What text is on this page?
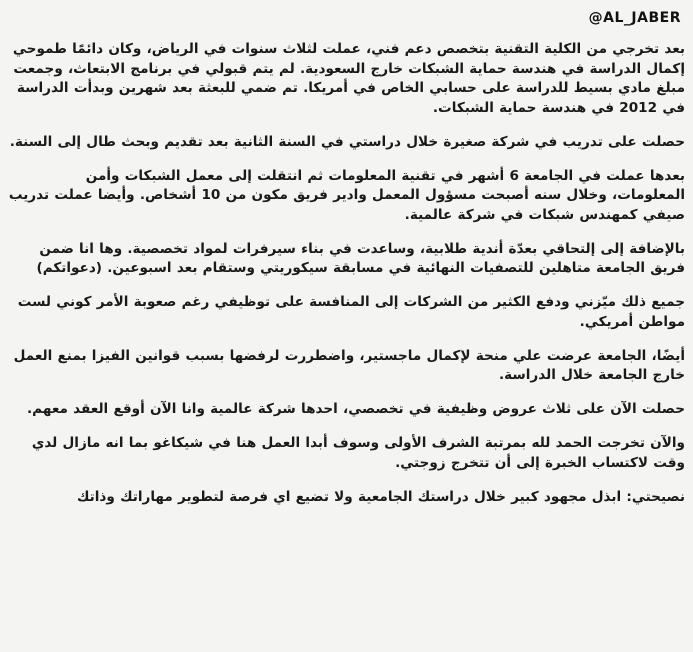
@AL_JABER

بعد تخرجي من الكلية التقنية بتخصص دعم فني، عملت لثلاث سنوات في الرياض، وكان دائمًا طموحي إكمال الدراسة في هندسة حماية الشبكات خارج السعودية. لم يتم قبولي في برنامج الابتعاث، وجمعت مبلغ مادي بسيط للدراسة على حسابي الخاص في أمريكا. تم ضمي للبعثة بعد شهرين وبدأت الدراسة في 2012 في هندسة حماية الشبكات.

حصلت على تدريب في شركة صغيرة خلال دراستي في السنة الثانية بعد تقديم وبحث طال إلى السنة.

بعدها عملت في الجامعة 6 أشهر في تقنية المعلومات ثم انتقلت إلى معمل الشبكات وأمن المعلومات، وخلال سنه أصبحت مسؤول المعمل وادير فريق مكون من 10 أشخاص. وأيضا عملت تدريب صيفي كمهندس شبكات في شركة عالمية.

بالإضافة إلى إلتحاقي بعدّة أندية طلابية، وساعدت في بناء سيرفرات لمواد تخصصية. وها انا ضمن فريق الجامعة متاهلين للتصفيات النهائية في مسابقة سيكوريتي وستقام بعد اسبوعين. (دعواتكم)

جميع ذلك ميّزني ودفع الكثير من الشركات إلى المنافسة على توظيفي رغم صعوبة الأمر كوني لست مواطن أمريكي.

أيضًا، الجامعة عرضت علي منحة لإكمال ماجستير، واضطررت لرفضها بسبب قوانين الفيزا بمنع العمل خارج الجامعة خلال الدراسة.

حصلت الآن على ثلاث عروض وظيفية في تخصصي، احدها شركة عالمية وانا الآن أوقع العقد معهم.

والآن تخرجت الحمد لله بمرتبة الشرف الأولى وسوف أبدا العمل هنا في شيكاغو بما انه مازال لدي وقت لاكتساب الخبرة إلى أن تتخرج زوجتي.

نصيحتي: ابذل مجهود كبير خلال دراستك الجامعية ولا تضيع اي فرصة لتطوير مهاراتك وذاتك
